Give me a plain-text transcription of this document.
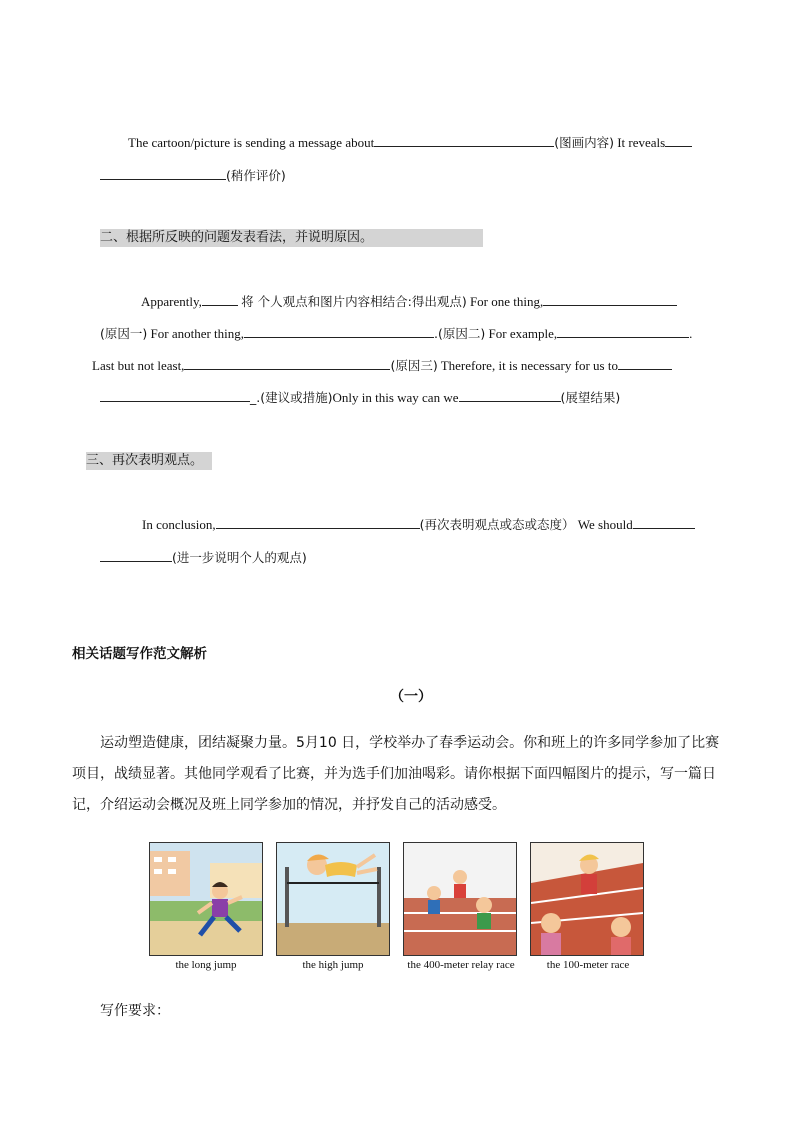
The cartoon/picture is sending a message about	(图画内容) It reveals
(稍作评价)
二、根据所反映的问题发表看法，并说明原因。
Apparently,	将 个人观点和图片内容相结合:得出观点) For one thing,
(原因一) For another thing,	.(原因二) For example,	.
Last but not least,	(原因三) Therefore, it is necessary for us to
_.(建议或措施)Only in this way can we	(展望结果)
三、再次表明观点。
In conclusion,	(再次表明观点或态或态度） We should
(进一步说明个人的观点)
相关话题写作范文解析
（一）
运动塑造健康，团结凝聚力量。5月10 日，学校举办了春季运动会。你和班上的许多同学参加了比赛
项目，战绩显著。其他同学观看了比赛，并为选手们加油喝彩。请你根据下面四幅图片的提示，写一篇日
记，介绍运动会概况及班上同学参加的情况，并抒发自己的活动感受。
the long jump	the high jump	the 400-meter relay race	the 100-meter race
写作要求：
